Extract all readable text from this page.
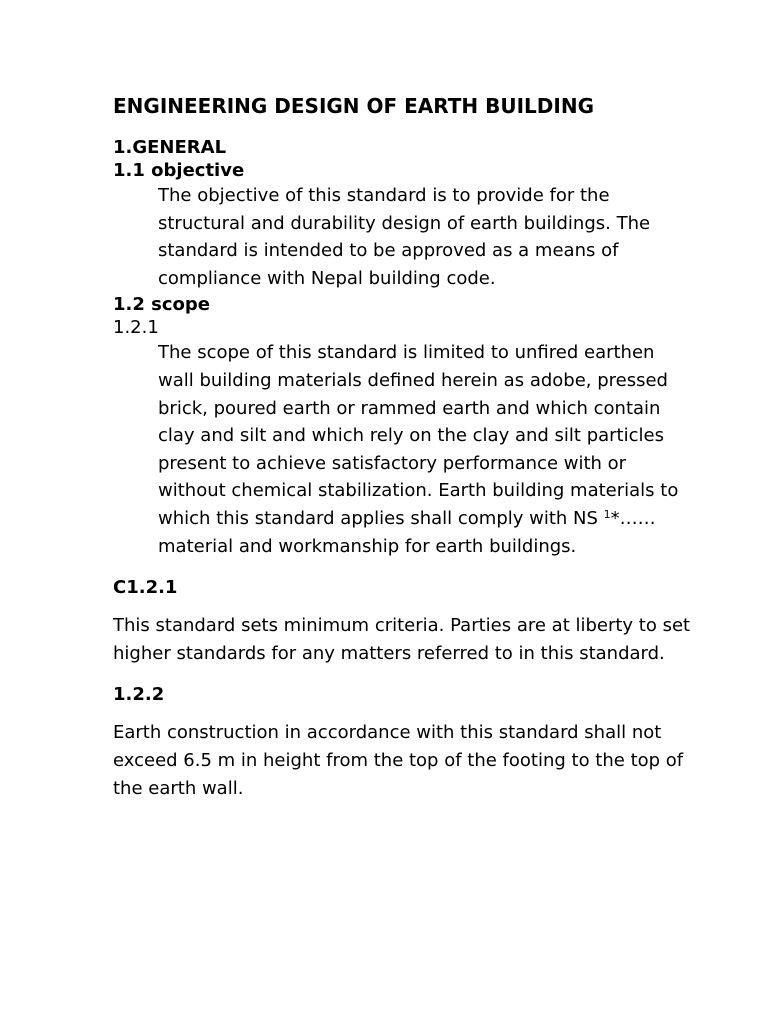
ENGINEERING DESIGN OF EARTH BUILDING
1.GENERAL
1.1 objective

The objective of this standard is to provide for the structural and durability design of earth buildings. The standard is intended to be approved as a means of compliance with Nepal building code.

1.2 scope
1.2.1

The scope of this standard is limited to unfired earthen wall building materials defined herein as adobe, pressed brick, poured earth or rammed earth and which contain clay and silt and which rely on the clay and silt particles present to achieve satisfactory performance with or without chemical stabilization. Earth building materials to which this standard applies shall comply with NS $^1$*…… material and workmanship for earth buildings.

C1.2.1

This standard sets minimum criteria. Parties are at liberty to set higher standards for any matters referred to in this standard.

1.2.2

Earth construction in accordance with this standard shall not exceed 6.5 m in height from the top of the footing to the top of the earth wall.
